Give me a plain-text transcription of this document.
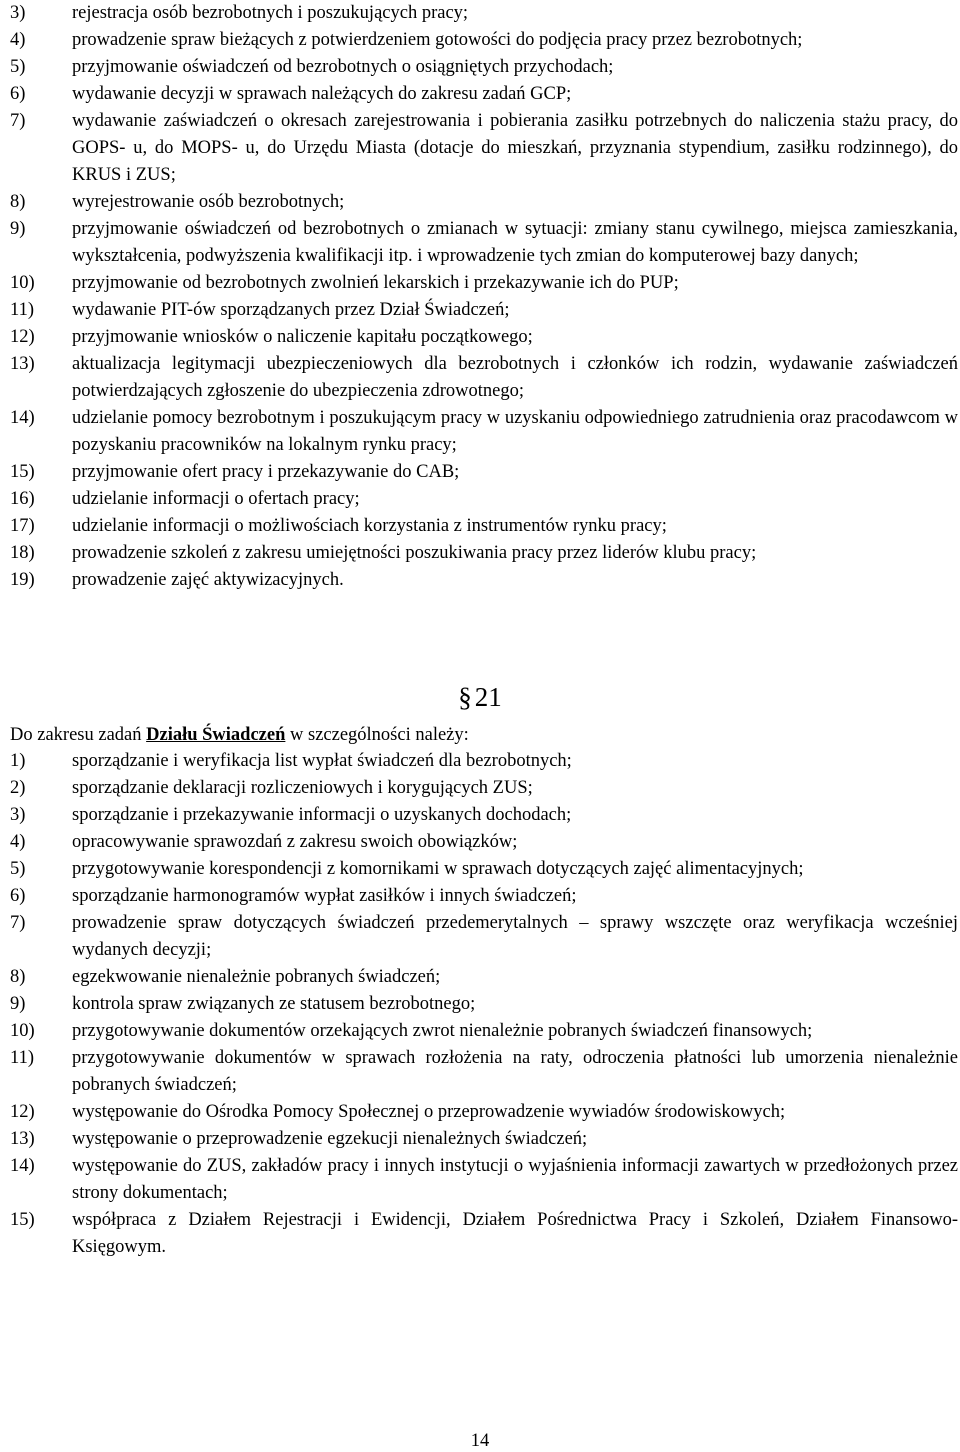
3)	rejestracja osób bezrobotnych i poszukujących pracy;
4)	prowadzenie spraw bieżących z potwierdzeniem gotowości do podjęcia pracy przez bezrobotnych;
5)	przyjmowanie oświadczeń od bezrobotnych o osiągniętych przychodach;
6)	wydawanie decyzji w sprawach należących do zakresu zadań GCP;
7)	wydawanie zaświadczeń o okresach zarejestrowania i pobierania zasiłku potrzebnych do naliczenia stażu pracy, do GOPS- u, do MOPS- u, do Urzędu Miasta (dotacje do mieszkań, przyznania stypendium, zasiłku rodzinnego), do KRUS i ZUS;
8)	wyrejestrowanie osób bezrobotnych;
9)	przyjmowanie oświadczeń od bezrobotnych o zmianach w sytuacji: zmiany stanu cywilnego, miejsca zamieszkania, wykształcenia, podwyższenia kwalifikacji itp. i wprowadzenie tych zmian do komputerowej bazy danych;
10) przyjmowanie od bezrobotnych zwolnień lekarskich i przekazywanie ich do PUP;
11) wydawanie PIT-ów sporządzanych przez Dział Świadczeń;
12) przyjmowanie wniosków o naliczenie kapitału początkowego;
13) aktualizacja legitymacji ubezpieczeniowych dla bezrobotnych i członków ich rodzin, wydawanie zaświadczeń potwierdzających zgłoszenie do ubezpieczenia zdrowotnego;
14) udzielanie pomocy bezrobotnym i poszukującym pracy w uzyskaniu odpowiedniego zatrudnienia oraz pracodawcom w pozyskaniu pracowników na lokalnym rynku pracy;
15) przyjmowanie ofert pracy i przekazywanie do CAB;
16) udzielanie informacji o ofertach pracy;
17) udzielanie informacji o możliwościach korzystania z instrumentów rynku pracy;
18) prowadzenie szkoleń z zakresu umiejętności poszukiwania pracy przez liderów klubu pracy;
19) prowadzenie zajęć aktywizacyjnych.
§ 21
Do zakresu zadań Działu Świadczeń w szczególności należy:
1)	sporządzanie i weryfikacja list wypłat świadczeń dla bezrobotnych;
2)	sporządzanie deklaracji rozliczeniowych i korygujących ZUS;
3)	sporządzanie i przekazywanie informacji o uzyskanych dochodach;
4)	opracowywanie sprawozdań z zakresu swoich obowiązków;
5)	przygotowywanie korespondencji z komornikami w sprawach dotyczących zajęć alimentacyjnych;
6)	sporządzanie harmonogramów wypłat zasiłków i innych świadczeń;
7)	prowadzenie spraw dotyczących świadczeń przedemerytalnych – sprawy wszczęte oraz weryfikacja wcześniej wydanych decyzji;
8)	egzekwowanie nienależnie pobranych świadczeń;
9)	kontrola spraw związanych ze statusem bezrobotnego;
10) przygotowywanie dokumentów orzekających zwrot nienależnie pobranych świadczeń finansowych;
11) przygotowywanie dokumentów w sprawach rozłożenia na raty, odroczenia płatności lub umorzenia nienależnie pobranych świadczeń;
12) występowanie do Ośrodka Pomocy Społecznej o przeprowadzenie wywiadów środowiskowych;
13) występowanie o przeprowadzenie egzekucji nienależnych świadczeń;
14) występowanie do ZUS, zakładów pracy i innych instytucji o wyjaśnienia informacji zawartych w przedłożonych przez strony dokumentach;
15) współpraca z Działem Rejestracji i Ewidencji, Działem Pośrednictwa Pracy i Szkoleń, Działem Finansowo-Księgowym.
14
